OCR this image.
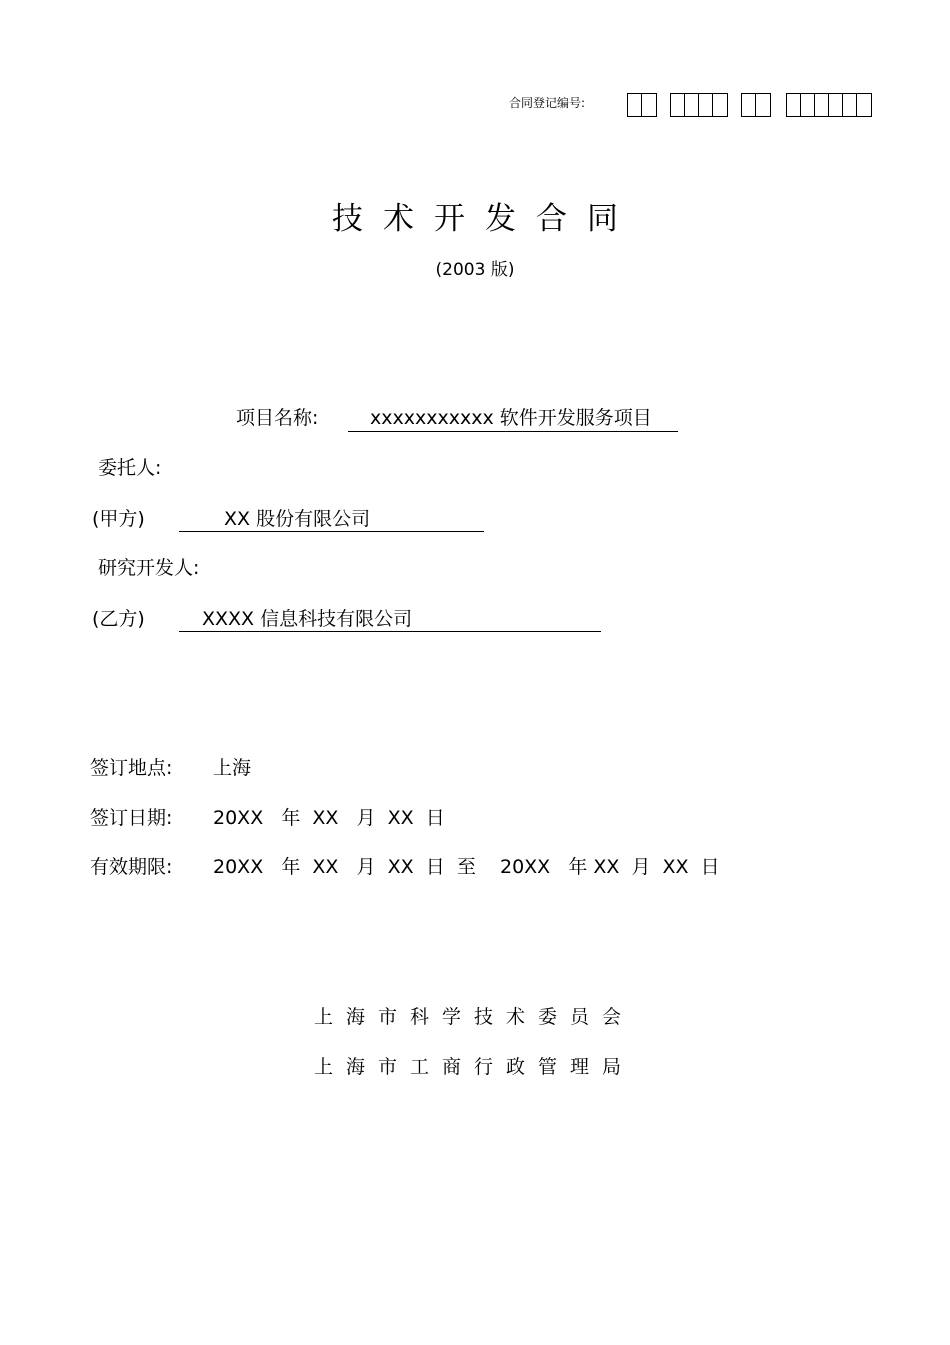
合同登记编号:
技术开发合同
(2003 版)
项目名称:	xxxxxxxxxxx 软件开发服务项目
委托人:
(甲方)	XX 股份有限公司
研究开发人:
(乙方)	XXXX 信息科技有限公司
签订地点: 上海
签订日期: 20XX   年  XX   月  XX  日
有效期限: 20XX   年  XX   月  XX  日  至    20XX   年 XX  月  XX  日
上海市科学技术委员会
上海市工商行政管理局
